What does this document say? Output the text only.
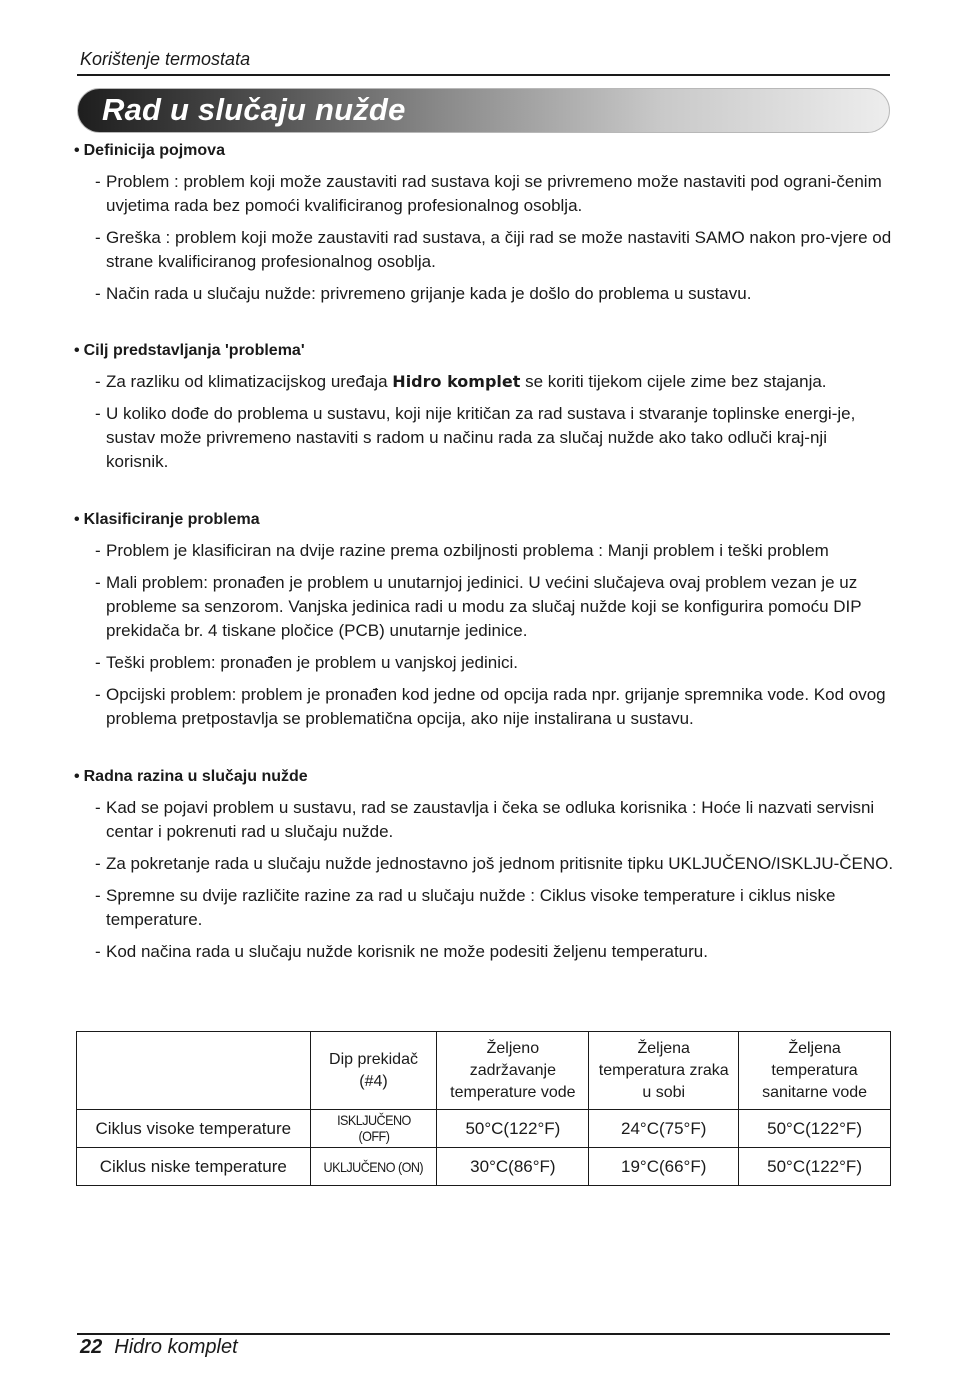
Korištenje termostata
Rad u slučaju nužde
• Definicija pojmova
- Problem : problem koji može zaustaviti rad sustava koji se privremeno može nastaviti pod ograni-čenim uvjetima rada bez pomoći kvalificiranog profesionalnog osoblja.
- Greška : problem koji može zaustaviti rad sustava, a čiji rad se može nastaviti SAMO nakon pro-vjere od strane kvalificiranog profesionalnog osoblja.
- Način rada u slučaju nužde: privremeno grijanje kada je došlo do problema u sustavu.
• Cilj predstavljanja 'problema'
- Za razliku od klimatizacijskog uređaja Hidro komplet se koriti tijekom cijele zime bez stajanja.
- U koliko dođe do problema u sustavu, koji nije kritičan za rad sustava i stvaranje toplinske energi-je, sustav može privremeno nastaviti s radom u načinu rada za slučaj nužde ako tako odluči kraj-nji korisnik.
• Klasificiranje problema
- Problem je klasificiran na dvije razine prema ozbiljnosti problema : Manji problem i teški problem
- Mali problem: pronađen je problem u unutarnjoj jedinici. U većini slučajeva ovaj problem vezan je uz probleme sa senzorom. Vanjska jedinica radi u modu za slučaj nužde koji se konfigurira pomoću DIP prekidača br. 4 tiskane pločice (PCB) unutarnje jedinice.
- Teški problem: pronađen je problem u vanjskoj jedinici.
- Opcijski problem: problem je pronađen kod jedne od opcija rada npr. grijanje spremnika vode. Kod ovog problema pretpostavlja se problematična opcija, ako nije instalirana u sustavu.
• Radna razina u slučaju nužde
- Kad se pojavi problem u sustavu, rad se zaustavlja i čeka se odluka korisnika : Hoće li nazvati servisni centar i pokrenuti rad u slučaju nužde.
- Za pokretanje rada u slučaju nužde jednostavno još jednom pritisnite tipku UKLJUČENO/ISKLJU-ČENO.
- Spremne su dvije različite razine za rad u slučaju nužde : Ciklus visoke temperature i ciklus niske temperature.
- Kod načina rada u slučaju nužde korisnik ne može podesiti željenu temperaturu.
	Dip prekidač (#4)	Željeno zadržavanje temperature vode	Željena temperatura zraka u sobi	Željena temperatura sanitarne vode
Ciklus visoke temperature	ISKLJUČENO (OFF)	50°C(122°F)	24°C(75°F)	50°C(122°F)
Ciklus niske temperature	UKLJUČENO (ON)	30°C(86°F)	19°C(66°F)	50°C(122°F)
22 Hidro komplet
